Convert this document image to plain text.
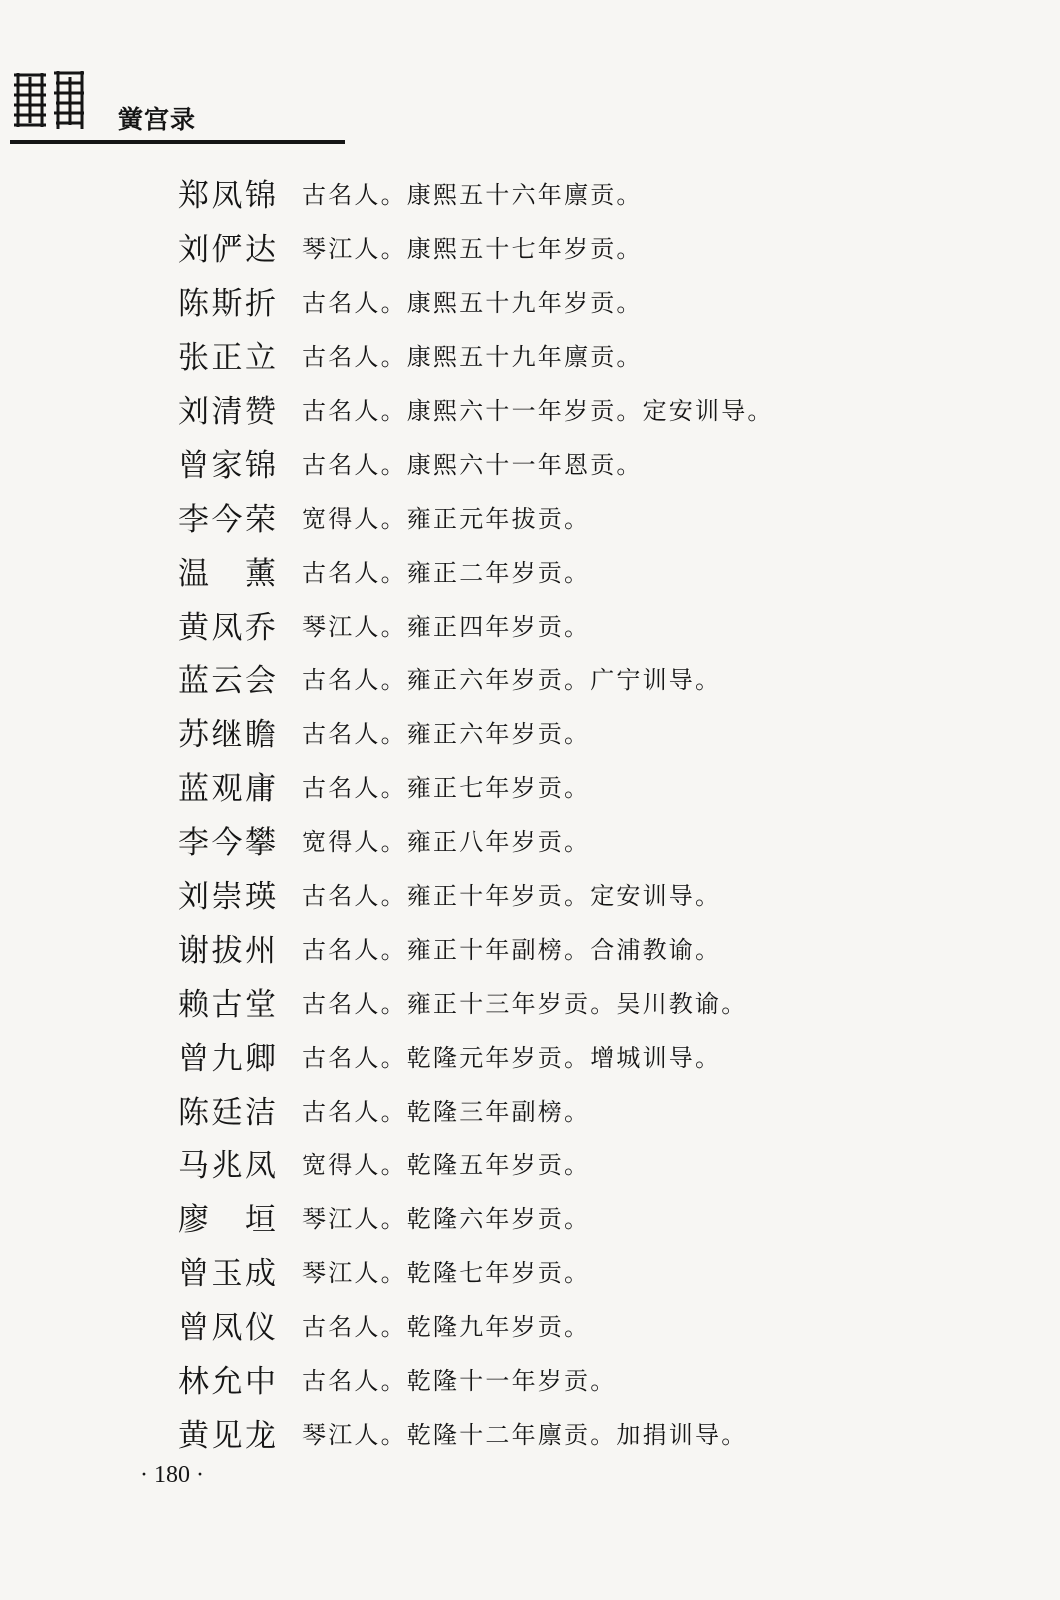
黉宫录
郑凤锦 古名人。康熙五十六年廪贡。
刘俨达 琴江人。康熙五十七年岁贡。
陈斯折 古名人。康熙五十九年岁贡。
张正立 古名人。康熙五十九年廪贡。
刘清赞 古名人。康熙六十一年岁贡。定安训导。
曾家锦 古名人。康熙六十一年恩贡。
李今荣 宽得人。雍正元年拔贡。
温　薰 古名人。雍正二年岁贡。
黄凤乔 琴江人。雍正四年岁贡。
蓝云会 古名人。雍正六年岁贡。广宁训导。
苏继瞻 古名人。雍正六年岁贡。
蓝观庸 古名人。雍正七年岁贡。
李今攀 宽得人。雍正八年岁贡。
刘崇瑛 古名人。雍正十年岁贡。定安训导。
谢拔州 古名人。雍正十年副榜。合浦教谕。
赖古堂 古名人。雍正十三年岁贡。吴川教谕。
曾九卿 古名人。乾隆元年岁贡。增城训导。
陈廷洁 古名人。乾隆三年副榜。
马兆凤 宽得人。乾隆五年岁贡。
廖　垣 琴江人。乾隆六年岁贡。
曾玉成 琴江人。乾隆七年岁贡。
曾凤仪 古名人。乾隆九年岁贡。
林允中 古名人。乾隆十一年岁贡。
黄见龙 琴江人。乾隆十二年廪贡。加捐训导。
· 180 ·
